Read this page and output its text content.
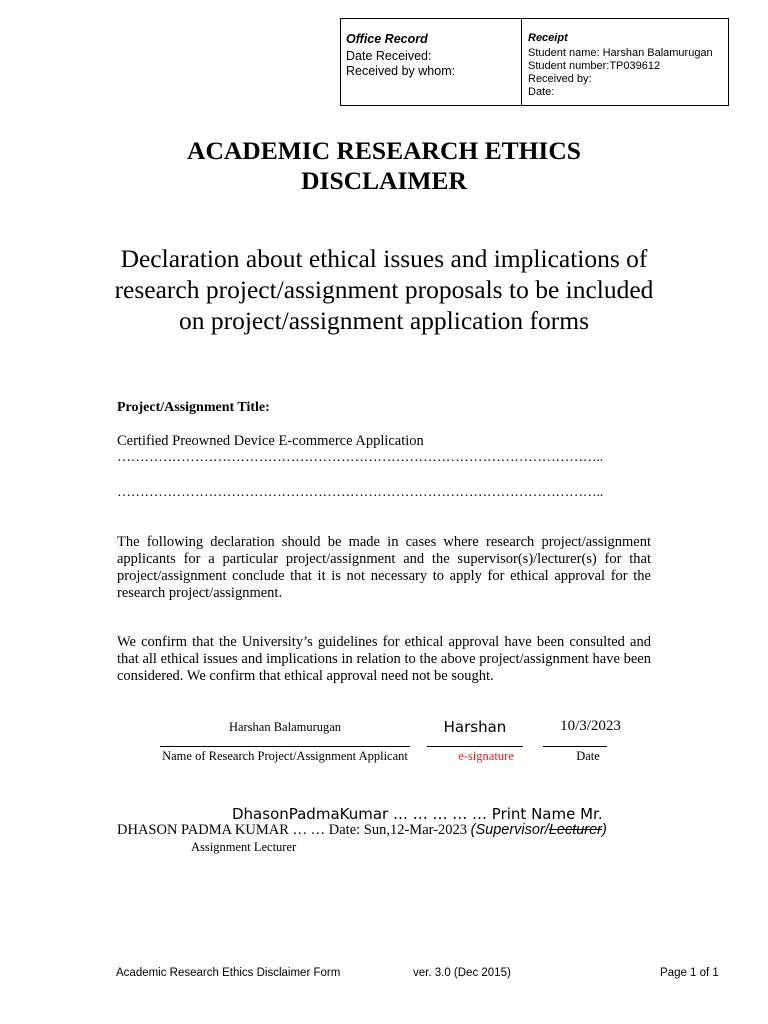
Office Record
Date Received:
Received by whom:
Receipt
Student name: Harshan Balamurugan
Student number:TP039612
Received by:
Date:
ACADEMIC RESEARCH ETHICS
DISCLAIMER
Declaration about ethical issues and implications of research project/assignment proposals to be included on project/assignment application forms
Project/Assignment Title:
Certified Preowned Device E-commerce Application
……………………………………………………………………………………………..
……………………………………………………………………………………………..
The following declaration should be made in cases where research project/assignment applicants for a particular project/assignment and the supervisor(s)/lecturer(s) for that project/assignment conclude that it is not necessary to apply for ethical approval for the research project/assignment.
We confirm that the University’s guidelines for ethical approval have been consulted and that all ethical issues and implications in relation to the above project/assignment have been considered. We confirm that ethical approval need not be sought.
Harshan Balamurugan	Harshan	10/3/2023
Name of Research Project/Assignment Applicant	e-signature	Date
DhasonPadmaKumar … … … … … Print Name Mr.
DHASON PADMA KUMAR … … Date: Sun,12-Mar-2023 (Supervisor/Lecturer)
Assignment Lecturer
Academic Research Ethics Disclaimer Form	ver. 3.0 (Dec 2015)	Page 1 of 1
